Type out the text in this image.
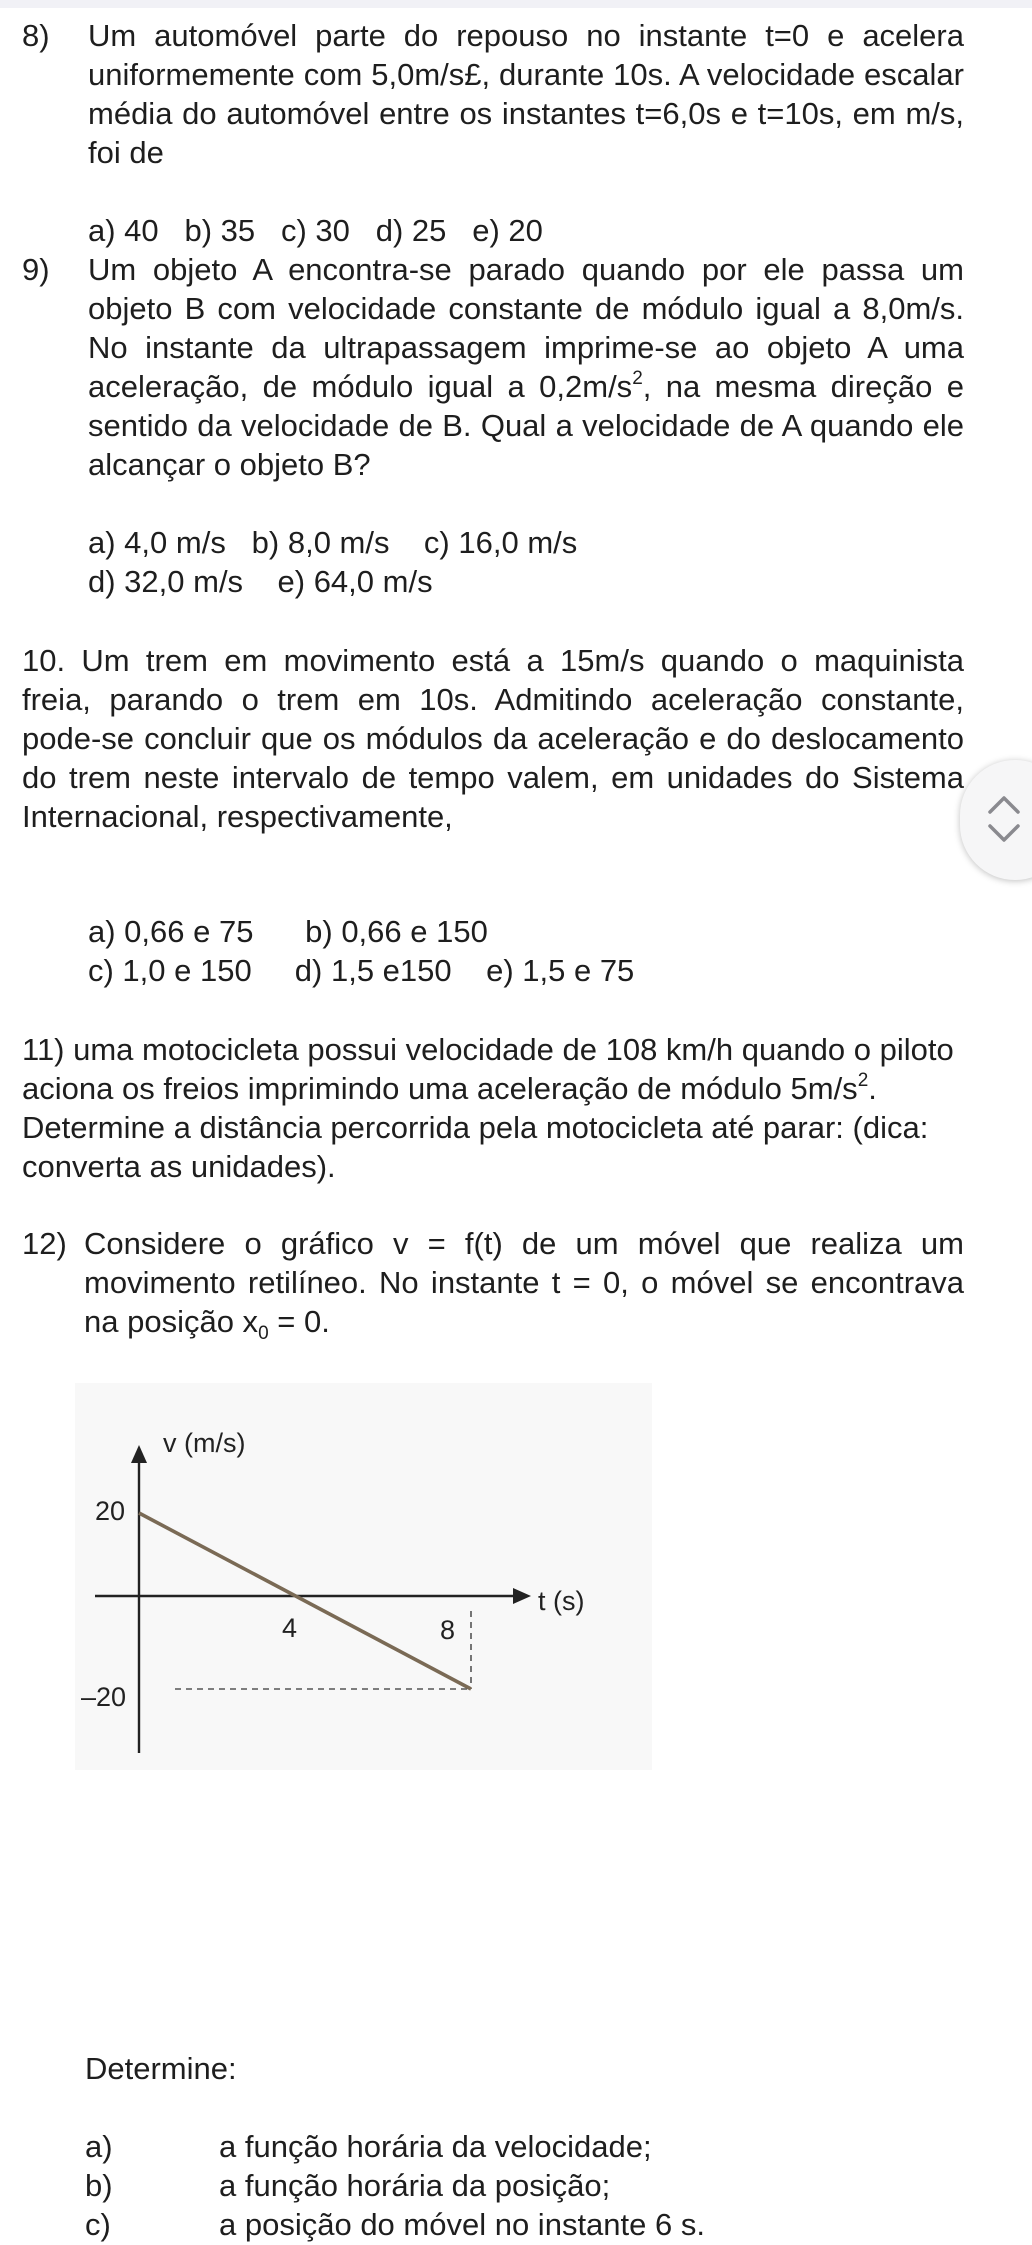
8) Um automóvel parte do repouso no instante t=0 e acelera uniformemente com 5,0m/s£, durante 10s. A velocidade escalar média do automóvel entre os instantes t=6,0s e t=10s, em m/s, foi de

a) 40   b) 35   c) 30   d) 25   e) 20
9) Um objeto A encontra-se parado quando por ele passa um objeto B com velocidade constante de módulo igual a 8,0m/s. No instante da ultrapassagem imprime-se ao objeto A uma aceleração, de módulo igual a $0,2m/s^2$, na mesma direção e sentido da velocidade de B. Qual a velocidade de A quando ele alcançar o objeto B?

a) 4,0 m/s   b) 8,0 m/s    c) 16,0 m/s
d) 32,0 m/s    e) 64,0 m/s

10. Um trem em movimento está a 15m/s quando o maquinista freia, parando o trem em 10s. Admitindo aceleração constante, pode-se concluir que os módulos da aceleração e do deslocamento do trem neste intervalo de tempo valem, em unidades do Sistema Internacional, respectivamente,

a) 0,66 e 75      b) 0,66 e 150
c) 1,0 e 150     d) 1,5 e150    e) 1,5 e 75

11) uma motocicleta possui velocidade de 108 km/h quando o piloto aciona os freios imprimindo uma aceleração de módulo $5m/s^2$. Determine a distância percorrida pela motocicleta até parar: (dica: converta as unidades).

12) Considere o gráfico v = f(t) de um móvel que realiza um movimento retilíneo. No instante t = 0, o móvel se encontrava na posição $x_0 = 0$.

v (m/s)
t (s)
20
–20
4	8
Determine:
a)	a função horária da velocidade;
b)	a função horária da posição;
c)	a posição do móvel no instante 6 s.
